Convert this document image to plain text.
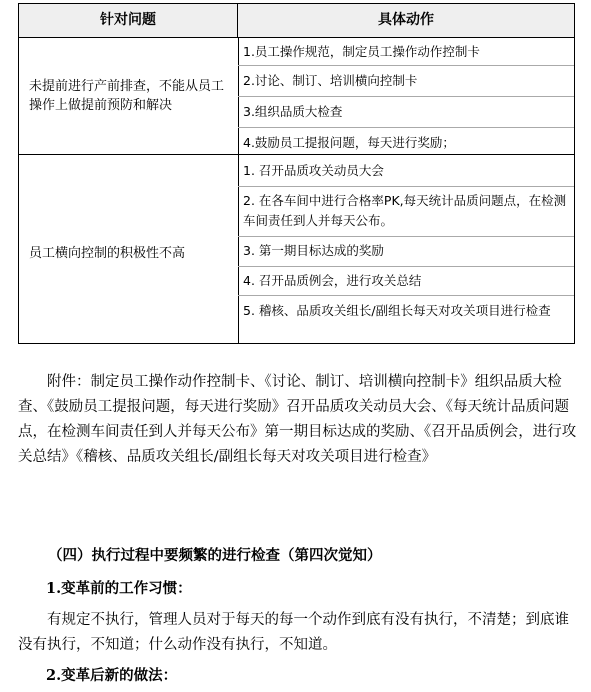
针对问题	具体动作
未提前进行产前排查，不能从员工操作上做提前预防和解决
1.员工操作规范，制定员工操作动作控制卡
2.讨论、制订、培训横向控制卡
3.组织品质大检查
4.鼓励员工提报问题，每天进行奖励；
员工横向控制的积极性不高
1. 召开品质攻关动员大会
2. 在各车间中进行合格率PK,每天统计品质问题点，在检测车间责任到人并每天公布。
3. 第一期目标达成的奖励
4. 召开品质例会，进行攻关总结
5. 稽核、品质攻关组长/副组长每天对攻关项目进行检查
附件：制定员工操作动作控制卡、《讨论、制订、培训横向控制卡》组织品质大检查、《鼓励员工提报问题，每天进行奖励》召开品质攻关动员大会、《每天统计品质问题点，在检测车间责任到人并每天公布》第一期目标达成的奖励、《召开品质例会，进行攻关总结》《稽核、品质攻关组长/副组长每天对攻关项目进行检查》
（四）执行过程中要频繁的进行检查（第四次觉知）
1.变革前的工作习惯：
有规定不执行，管理人员对于每天的每一个动作到底有没有执行，不清楚；到底谁没有执行，不知道；什么动作没有执行，不知道。
2.变革后新的做法：
